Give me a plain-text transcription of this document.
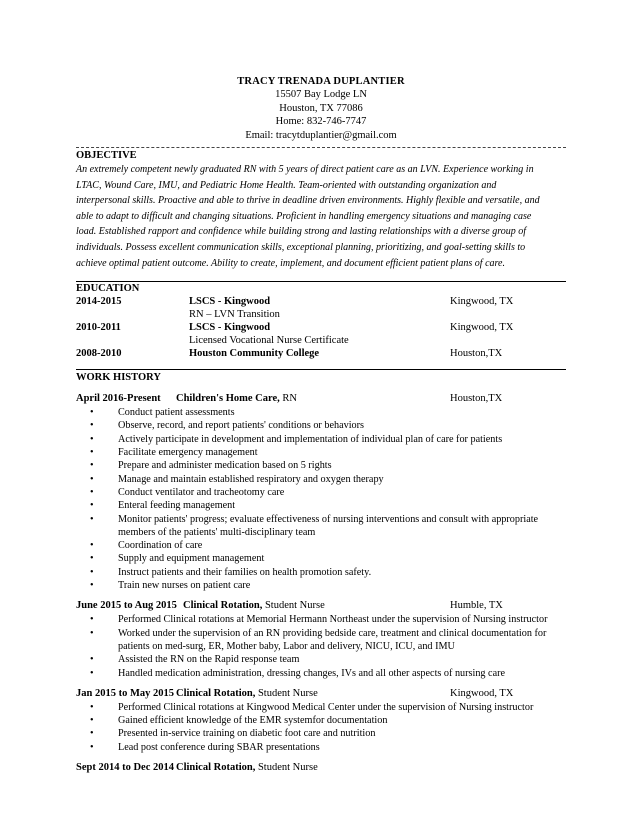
TRACY TRENADA DUPLANTIER
15507 Bay Lodge LN
Houston, TX 77086
Home: 832-746-7747
Email: tracytduplantier@gmail.com
OBJECTIVE
An extremely competent newly graduated RN with 5 years of direct patient care as an LVN. Experience working in
LTAC, Wound Care, IMU, and Pediatric Home Health. Team-oriented with outstanding organization and
interpersonal skills. Proactive and able to thrive in deadline driven environments. Highly flexible and versatile, and
able to adapt to difficult and changing situations. Proficient in handling emergency situations and managing case
load. Established rapport and confidence while building strong and lasting relationships with a diverse group of
individuals. Possess excellent communication skills, exceptional planning, prioritizing, and goal-setting skills to
achieve optimal patient outcome. Ability to create, implement, and document efficient patient plans of care.
EDUCATION
2014-2015	LSCS - Kingwood	Kingwood, TX
RN – LVN Transition
2010-2011	LSCS - Kingwood	Kingwood, TX
Licensed Vocational Nurse Certificate
2008-2010	Houston Community College	Houston,TX
WORK HISTORY
April 2016-Present Children's Home Care, RN	Houston,TX
• Conduct patient assessments
• Observe, record, and report patients' conditions or behaviors
• Actively participate in development and implementation of individual plan of care for patients
• Facilitate emergency management
• Prepare and administer medication based on 5 rights
• Manage and maintain established respiratory and oxygen therapy
• Conduct ventilator and tracheotomy care
• Enteral feeding management
• Monitor patients' progress; evaluate effectiveness of nursing interventions and consult with appropriate
members of the patients' multi-disciplinary team
• Coordination of care
• Supply and equipment management
• Instruct patients and their families on health promotion safety.
• Train new nurses on patient care
June 2015 to Aug 2015 Clinical Rotation, Student Nurse	Humble, TX
• Performed Clinical rotations at Memorial Hermann Northeast under the supervision of Nursing instructor
• Worked under the supervision of an RN providing bedside care, treatment and clinical documentation for
patients on med-surg, ER, Mother baby, Labor and delivery, NICU, ICU, and IMU
• Assisted the RN on the Rapid response team
• Handled medication administration, dressing changes, IVs and all other aspects of nursing care
Jan 2015 to May 2015 Clinical Rotation, Student Nurse	Kingwood, TX
• Performed Clinical rotations at Kingwood Medical Center under the supervision of Nursing instructor
• Gained efficient knowledge of the EMR systemfor documentation
• Presented in-service training on diabetic foot care and nutrition
• Lead post conference during SBAR presentations
Sept 2014 to Dec 2014 Clinical Rotation, Student Nurse
